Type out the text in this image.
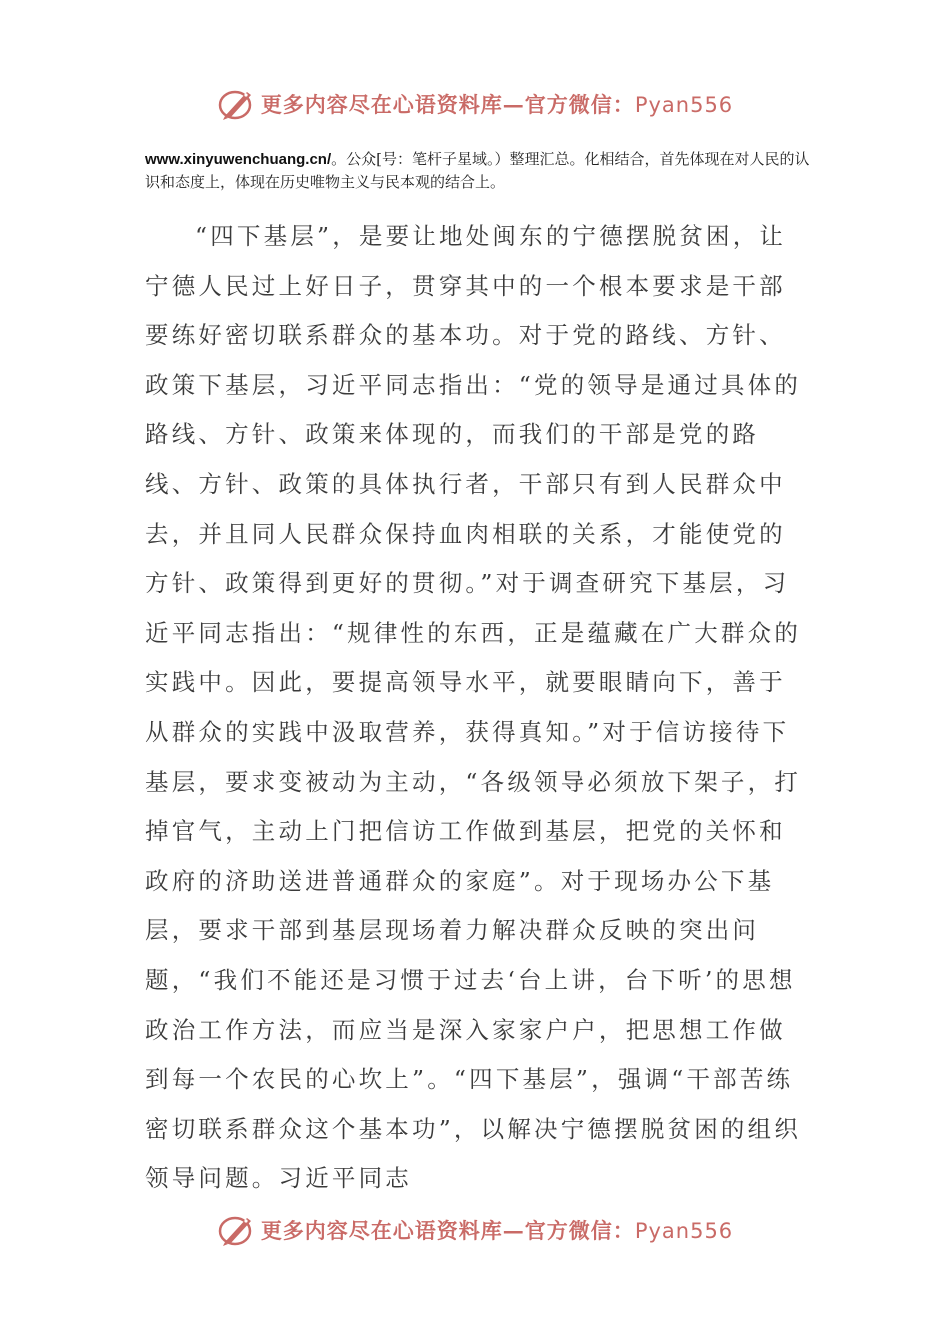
更多内容尽在心语资料库—官方微信：Pyan556
www.xinyuwenchuang.cn/。公众[号：笔杆子星域。）整理汇总。化相结合，首先体现在对人民的认识和态度上，体现在历史唯物主义与民本观的结合上。
“四下基层”，是要让地处闽东的宁德摆脱贫困，让宁德人民过上好日子，贯穿其中的一个根本要求是干部要练好密切联系群众的基本功。对于党的路线、方针、政策下基层，习近平同志指出：“党的领导是通过具体的路线、方针、政策来体现的，而我们的干部是党的路线、方针、政策的具体执行者，干部只有到人民群众中去，并且同人民群众保持血肉相联的关系，才能使党的方针、政策得到更好的贯彻。”对于调查研究下基层，习近平同志指出：“规律性的东西，正是蕴藏在广大群众的实践中。因此，要提高领导水平，就要眼睛向下，善于从群众的实践中汲取营养，获得真知。”对于信访接待下基层，要求变被动为主动，“各级领导必须放下架子，打掉官气，主动上门把信访工作做到基层，把党的关怀和政府的济助送进普通群众的家庭”。对于现场办公下基层，要求干部到基层现场着力解决群众反映的突出问题，“我们不能还是习惯于过去‘台上讲，台下听’的思想政治工作方法，而应当是深入家家户户，把思想工作做到每一个农民的心坎上”。“四下基层”，强调“干部苦练密切联系群众这个基本功”，以解决宁德摆脱贫困的组织领导问题。习近平同志
更多内容尽在心语资料库—官方微信：Pyan556
